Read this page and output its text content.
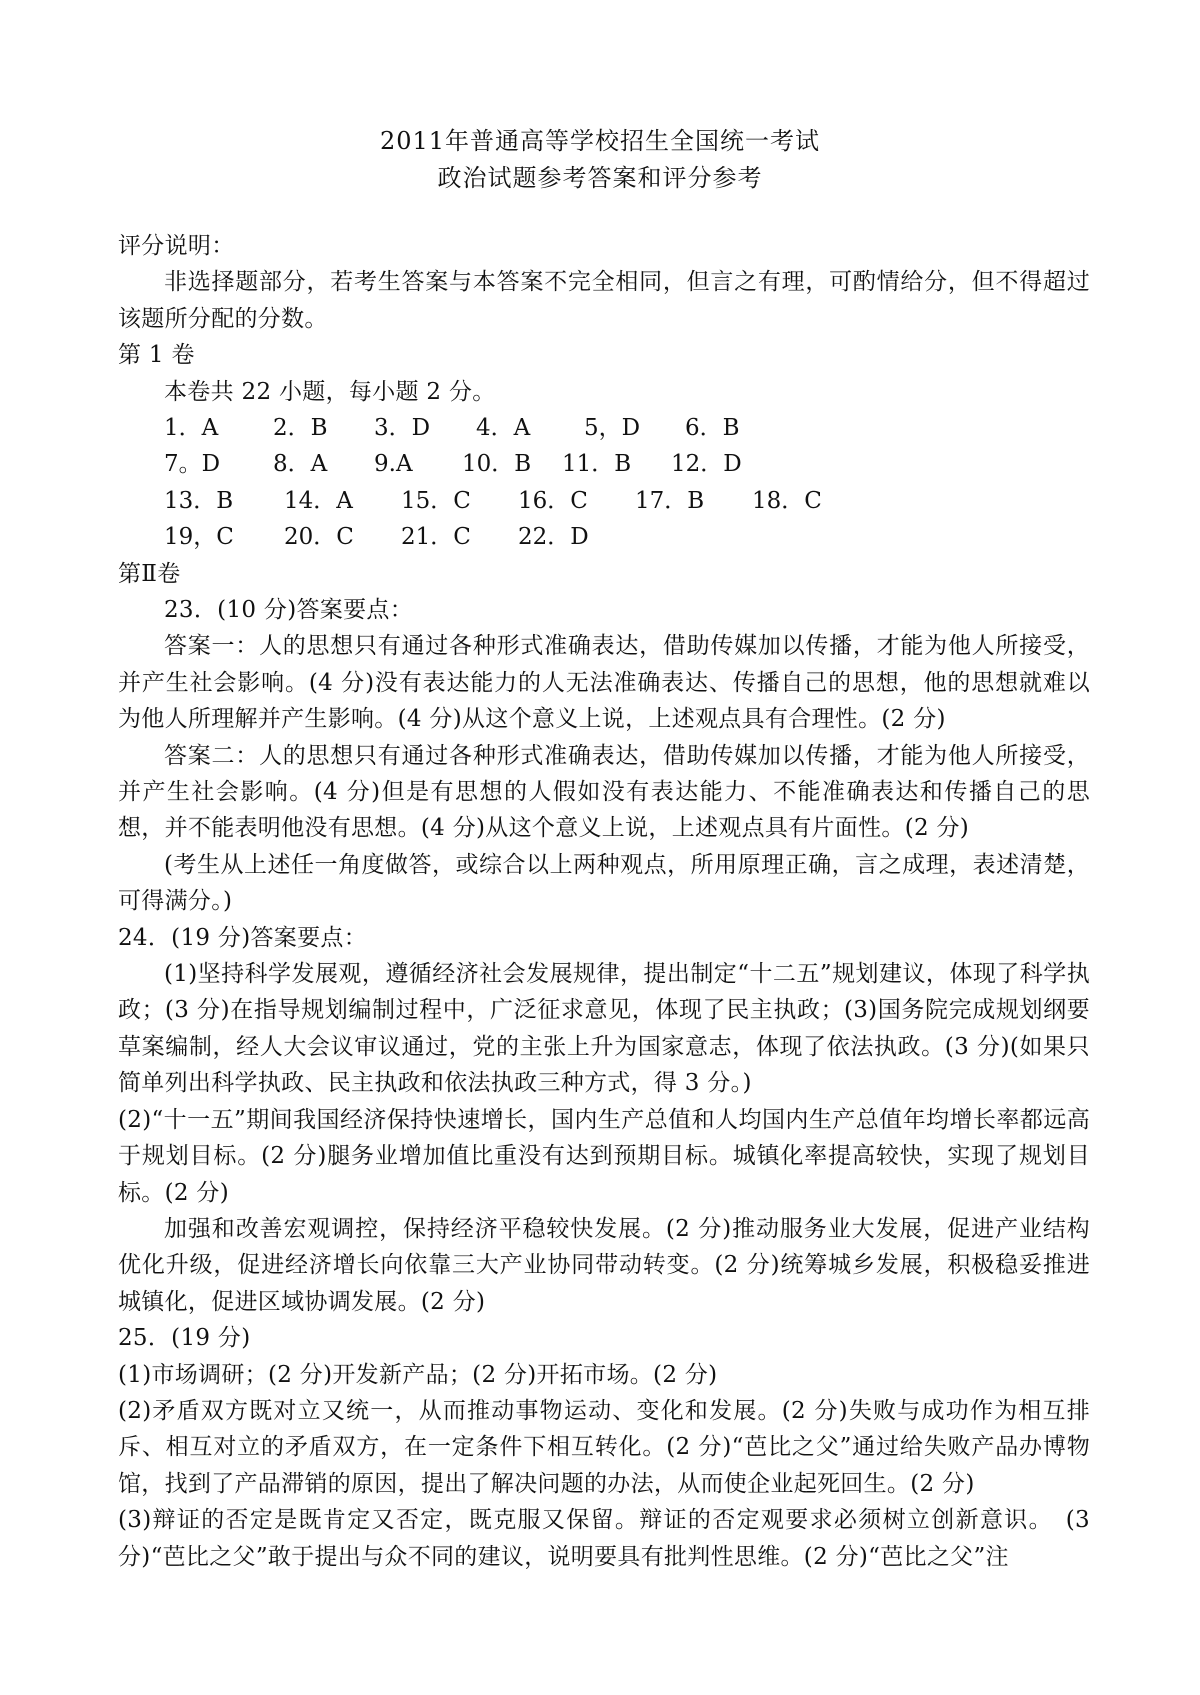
2011年普通高等学校招生全国统一考试
政治试题参考答案和评分参考

评分说明：

非选择题部分，若考生答案与本答案不完全相同，但言之有理，可酌情给分，但不得超过该题所分配的分数。

第 1 卷

本卷共 22 小题，每小题 2 分。

1．A 2．B 3．D 4．A 5，D 6．B
7。D 8．A 9.A 10．B 11．B 12．D
13．B 14．A 15．C 16．C 17．B 18．C
19，C 20．C 21．C 22．D

第Ⅱ卷

23．(10 分)答案要点：

答案一：人的思想只有通过各种形式准确表达，借助传媒加以传播，才能为他人所接受，并产生社会影响。(4 分)没有表达能力的人无法准确表达、传播自己的思想，他的思想就难以为他人所理解并产生影响。(4 分)从这个意义上说，上述观点具有合理性。(2 分)

答案二：人的思想只有通过各种形式准确表达，借助传媒加以传播，才能为他人所接受，并产生社会影响。(4 分)但是有思想的人假如没有表达能力、不能准确表达和传播自己的思想，并不能表明他没有思想。(4 分)从这个意义上说，上述观点具有片面性。(2 分)

(考生从上述任一角度做答，或综合以上两种观点，所用原理正确，言之成理，表述清楚，可得满分。)

24．(19 分)答案要点：

(1)坚持科学发展观，遵循经济社会发展规律，提出制定“十二五”规划建议，体现了科学执政；(3 分)在指导规划编制过程中，广泛征求意见，体现了民主执政；(3)国务院完成规划纲要草案编制，经人大会议审议通过，党的主张上升为国家意志，体现了依法执政。(3 分)(如果只简单列出科学执政、民主执政和依法执政三种方式，得 3 分。)

(2)“十一五”期间我国经济保持快速增长，国内生产总值和人均国内生产总值年均增长率都远高于规划目标。(2 分)腿务业增加值比重没有达到预期目标。城镇化率提高较快，实现了规划目标。(2 分)

加强和改善宏观调控，保持经济平稳较快发展。(2 分)推动服务业大发展，促进产业结构优化升级，促进经济增长向依靠三大产业协同带动转变。(2 分)统筹城乡发展，积极稳妥推进城镇化，促进区域协调发展。(2 分)

25．(19 分)

(1)市场调研；(2 分)开发新产品；(2 分)开拓市场。(2 分)

(2)矛盾双方既对立又统一，从而推动事物运动、变化和发展。(2 分)失败与成功作为相互排斥、相互对立的矛盾双方，在一定条件下相互转化。(2 分)“芭比之父”通过给失败产品办博物馆，找到了产品滞销的原因，提出了解决问题的办法，从而使企业起死回生。(2 分)

(3)辩证的否定是既肯定又否定，既克服又保留。辩证的否定观要求必须树立创新意识。　(3 分)“芭比之父”敢于提出与众不同的建议，说明要具有批判性思维。(2 分)“芭比之父”注
